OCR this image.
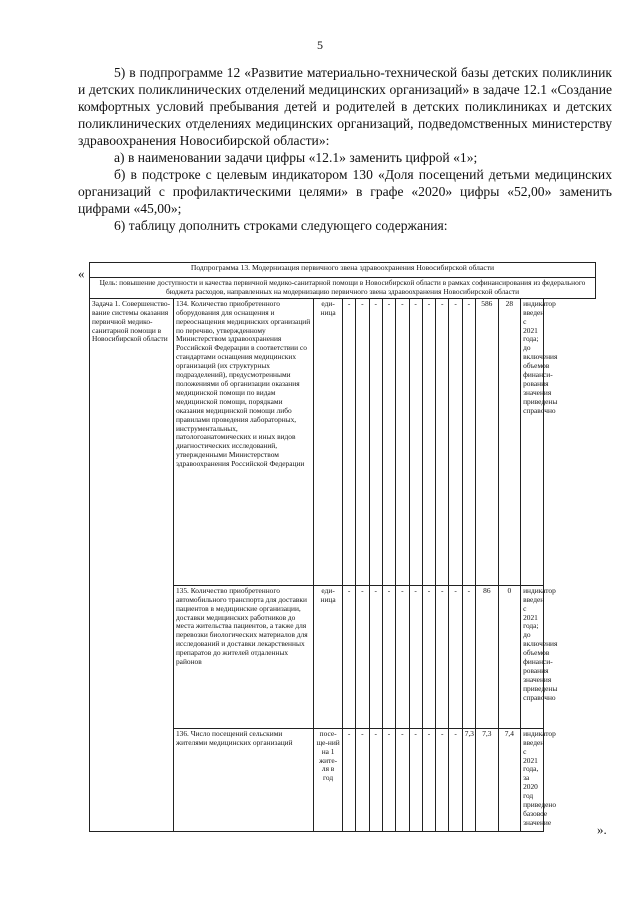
5

5) в подпрограмме 12 «Развитие материально-технической базы детских поликлиник и детских поликлинических отделений медицинских организаций» в задаче 12.1 «Создание комфортных условий пребывания детей и родителей в детских поликлиниках и детских поликлинических отделениях медицинских организаций, подведомственных министерству здравоохранения Новосибирской области»:

а) в наименовании задачи цифры «12.1» заменить цифрой «1»;

б) в подстроке с целевым индикатором 130 «Доля посещений детьми медицинских организаций с профилактическими целями» в графе «2020» цифры «52,00» заменить цифрами «45,00»;

6) таблицу дополнить строками следующего содержания:

«	Подпрограмма 13. Модернизация первичного звена здравоохранения Новосибирской области															
Цель: повышение доступности и качества первичной медико-санитарной помощи в Новосибирской области в рамках софинансирования из федерального бюджета расходов, направленных на модернизацию первичного звена здравоохранения Новосибирской области															
Задача 1. Совершенство-вание системы оказания первичной медико-санитарной помощи в Новосибирской области	134. Количество приобретенного оборудования для оснащения и переоснащения медицинских организаций по перечню, утвержденному Министерством здравоохранения Российской Федерации в соответствии со стандартами оснащения медицинских организаций (их структурных подразделений), предусмотренными положениями об организации оказания медицинской помощи по видам медицинской помощи, порядками оказания медицинской помощи либо правилами проведения лабораторных, инструментальных, патологоанатомических и иных видов диагностических исследований, утвержденными Министерством здравоохранения Российской Федерации	еди-ница	-	-	-	-	-	-	-	-	-	-	586	28	индикатор введен с 2021 года; до включения объемов финанси-рования значения приведены справочно
	135. Количество приобретенного автомобильного транспорта для доставки пациентов в медицинские организации, доставки медицинских работников до места жительства пациентов, а также для перевозки биологических материалов для исследований и доставки лекарственных препаратов до жителей отдаленных районов	еди-ница	-	-	-	-	-	-	-	-	-	-	86	0	индикатор введен с 2021 года; до включения объемов финанси-рования значения приведены справочно
	136. Число посещений сельскими жителями медицинских организаций	посе-ще-ний на 1 жите-ля в год	-	-	-	-	-	-	-	-	-	7,3	7,3	7,4	индикатор введен с 2021 года, за 2020 год приведено базовое значение	».
